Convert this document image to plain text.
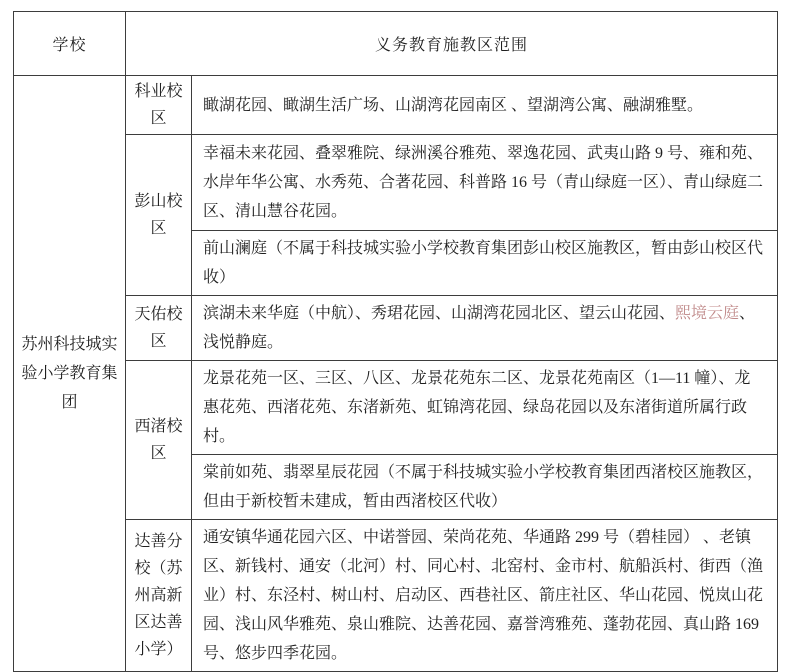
学校	义务教育施教区范围	
苏州科技城实验小学教育集团	科业校区	瞰湖花园、瞰湖生活广场、山湖湾花园南区 、望湖湾公寓、融湖雅墅。
	彭山校区	幸福未来花园、叠翠雅院、绿洲溪谷雅苑、翠逸花园、武夷山路 9 号、雍和苑、水岸年华公寓、水秀苑、合著花园、科普路 16 号（青山绿庭一区）、青山绿庭二区、清山慧谷花园。
		前山澜庭（不属于科技城实验小学校教育集团彭山校区施教区，暂由彭山校区代收）
	天佑校区	滨湖未来华庭（中航）、秀珺花园、山湖湾花园北区、望云山花园、熙境云庭、浅悦静庭。
	西渚校区	龙景花苑一区、三区、八区、龙景花苑东二区、龙景花苑南区（1—11 幢）、龙惠花苑、西渚花苑、东渚新苑、虹锦湾花园、绿岛花园以及东渚街道所属行政村。
		棠前如苑、翡翠星辰花园（不属于科技城实验小学校教育集团西渚校区施教区，但由于新校暂未建成，暂由西渚校区代收）
	达善分校（苏州高新区达善小学）	通安镇华通花园六区、中诺誉园、荣尚花苑、华通路 299 号（碧桂园） 、老镇区、新钱村、通安（北河）村、同心村、北窑村、金市村、航船浜村、街西（渔业）村、东泾村、树山村、启动区、西巷社区、箭庄社区、华山花园、悦岚山花园、浅山风华雅苑、泉山雅院、达善花园、嘉誉湾雅苑、蓬勃花园、真山路 169 号、悠步四季花园。
